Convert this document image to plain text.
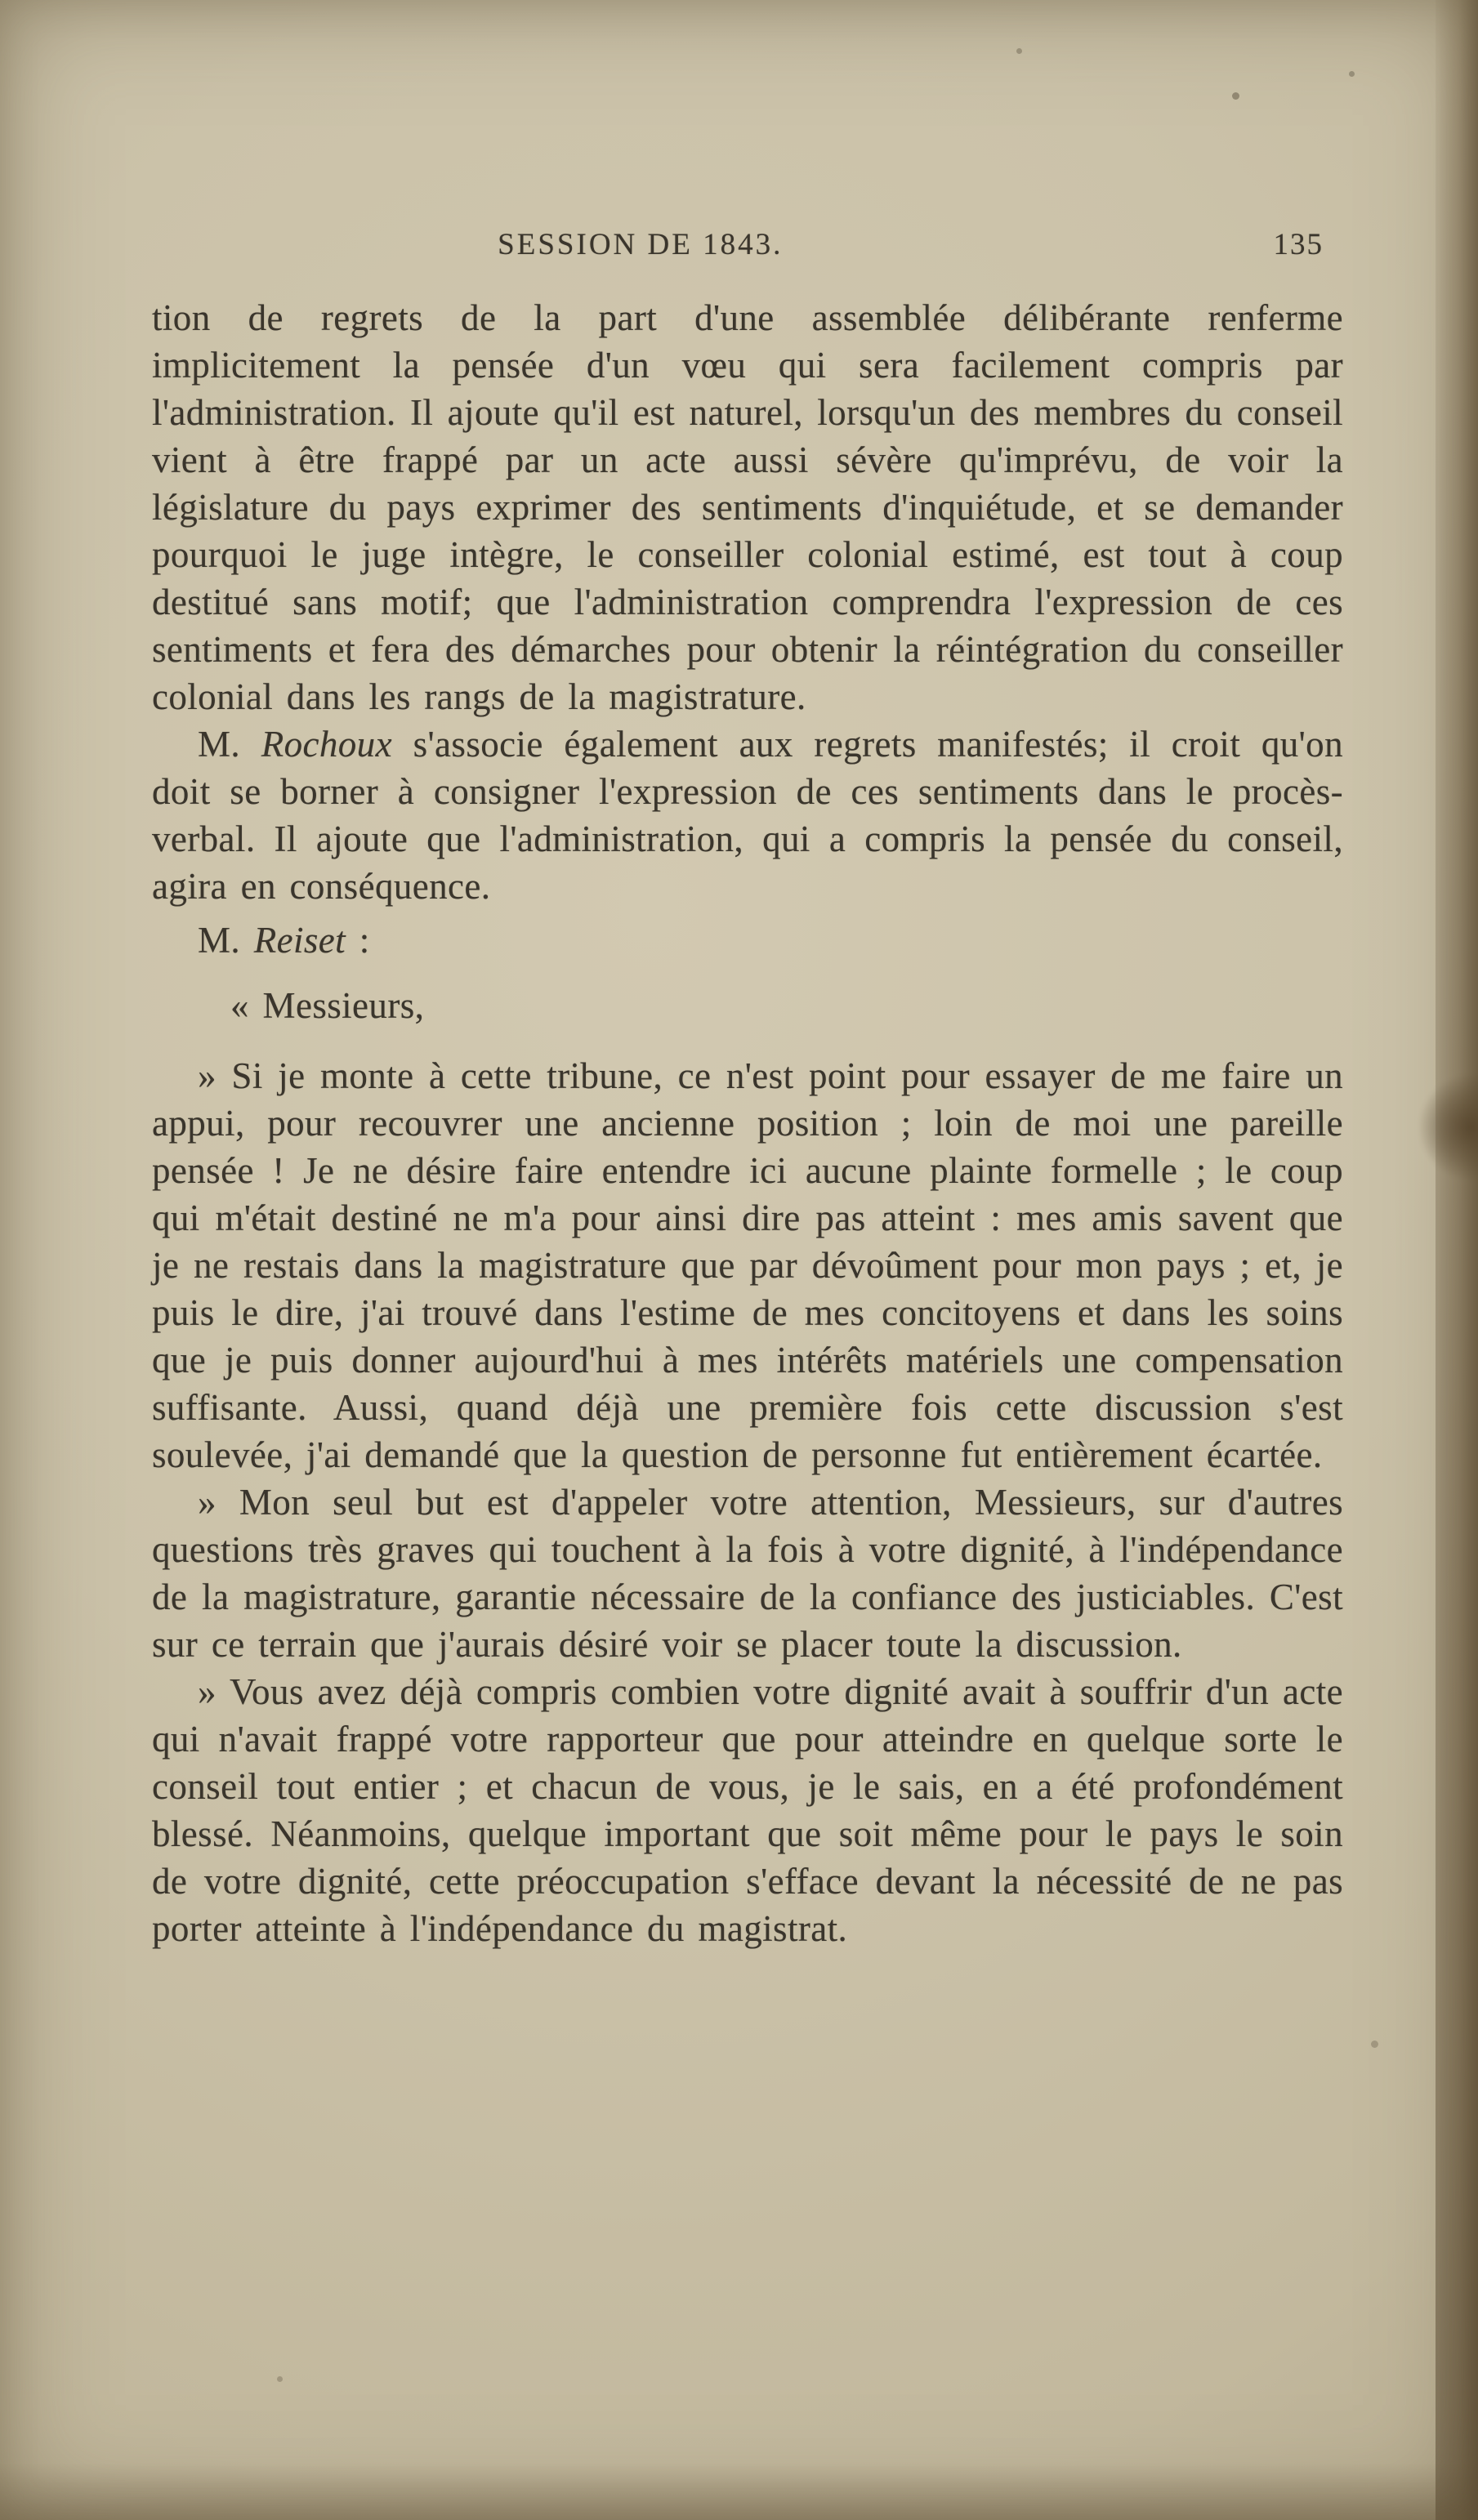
SESSION DE 1843.	135

tion de regrets de la part d'une assemblée délibérante renferme implicitement la pensée d'un vœu qui sera facilement compris par l'administration. Il ajoute qu'il est naturel, lorsqu'un des membres du conseil vient à être frappé par un acte aussi sévère qu'imprévu, de voir la législature du pays exprimer des sentiments d'inquiétude, et se demander pourquoi le juge intègre, le conseiller colonial estimé, est tout à coup destitué sans motif; que l'administration comprendra l'expression de ces sentiments et fera des démarches pour obtenir la réintégration du conseiller colonial dans les rangs de la magistrature.

M. Rochoux s'associe également aux regrets manifestés; il croit qu'on doit se borner à consigner l'expression de ces sentiments dans le procès-verbal. Il ajoute que l'administration, qui a compris la pensée du conseil, agira en conséquence.

M. Reiset :

« Messieurs,

» Si je monte à cette tribune, ce n'est point pour essayer de me faire un appui, pour recouvrer une ancienne position ; loin de moi une pareille pensée ! Je ne désire faire entendre ici aucune plainte formelle ; le coup qui m'était destiné ne m'a pour ainsi dire pas atteint : mes amis savent que je ne restais dans la magistrature que par dévoûment pour mon pays ; et, je puis le dire, j'ai trouvé dans l'estime de mes concitoyens et dans les soins que je puis donner aujourd'hui à mes intérêts matériels une compensation suffisante. Aussi, quand déjà une première fois cette discussion s'est soulevée, j'ai demandé que la question de personne fut entièrement écartée.

» Mon seul but est d'appeler votre attention, Messieurs, sur d'autres questions très graves qui touchent à la fois à votre dignité, à l'indépendance de la magistrature, garantie nécessaire de la confiance des justiciables. C'est sur ce terrain que j'aurais désiré voir se placer toute la discussion.

» Vous avez déjà compris combien votre dignité avait à souffrir d'un acte qui n'avait frappé votre rapporteur que pour atteindre en quelque sorte le conseil tout entier ; et chacun de vous, je le sais, en a été profondément blessé. Néanmoins, quelque important que soit même pour le pays le soin de votre dignité, cette préoccupation s'efface devant la nécessité de ne pas porter atteinte à l'indépendance du magistrat.
